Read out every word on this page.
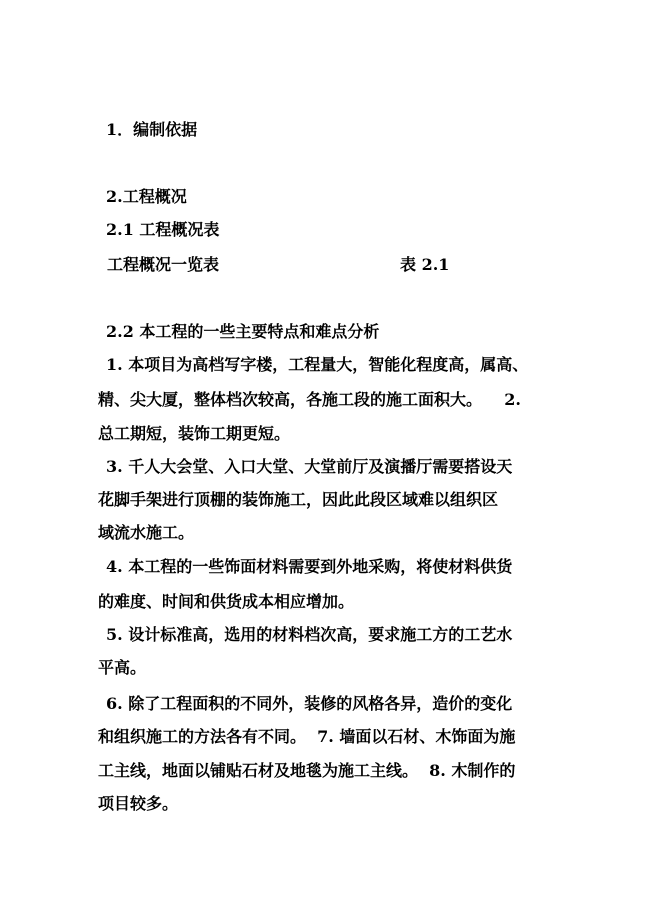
1．编制依据
2.工程概况
2.1 工程概况表
工程概况一览表	表 2.1
2.2 本工程的一些主要特点和难点分析
1. 本项目为高档写字楼，工程量大，智能化程度高，属高、
精、尖大厦，整体档次较高，各施工段的施工面积大。    2.
总工期短，装饰工期更短。
3. 千人大会堂、入口大堂、大堂前厅及演播厅需要搭设天
花脚手架进行顶棚的装饰施工，因此此段区域难以组织区
域流水施工。
4. 本工程的一些饰面材料需要到外地采购，将使材料供货
的难度、时间和供货成本相应增加。
5. 设计标准高，选用的材料档次高，要求施工方的工艺水
平高。
6. 除了工程面积的不同外，装修的风格各异，造价的变化
和组织施工的方法各有不同。  7. 墙面以石材、木饰面为施
工主线，地面以铺贴石材及地毯为施工主线。  8. 木制作的
项目较多。
